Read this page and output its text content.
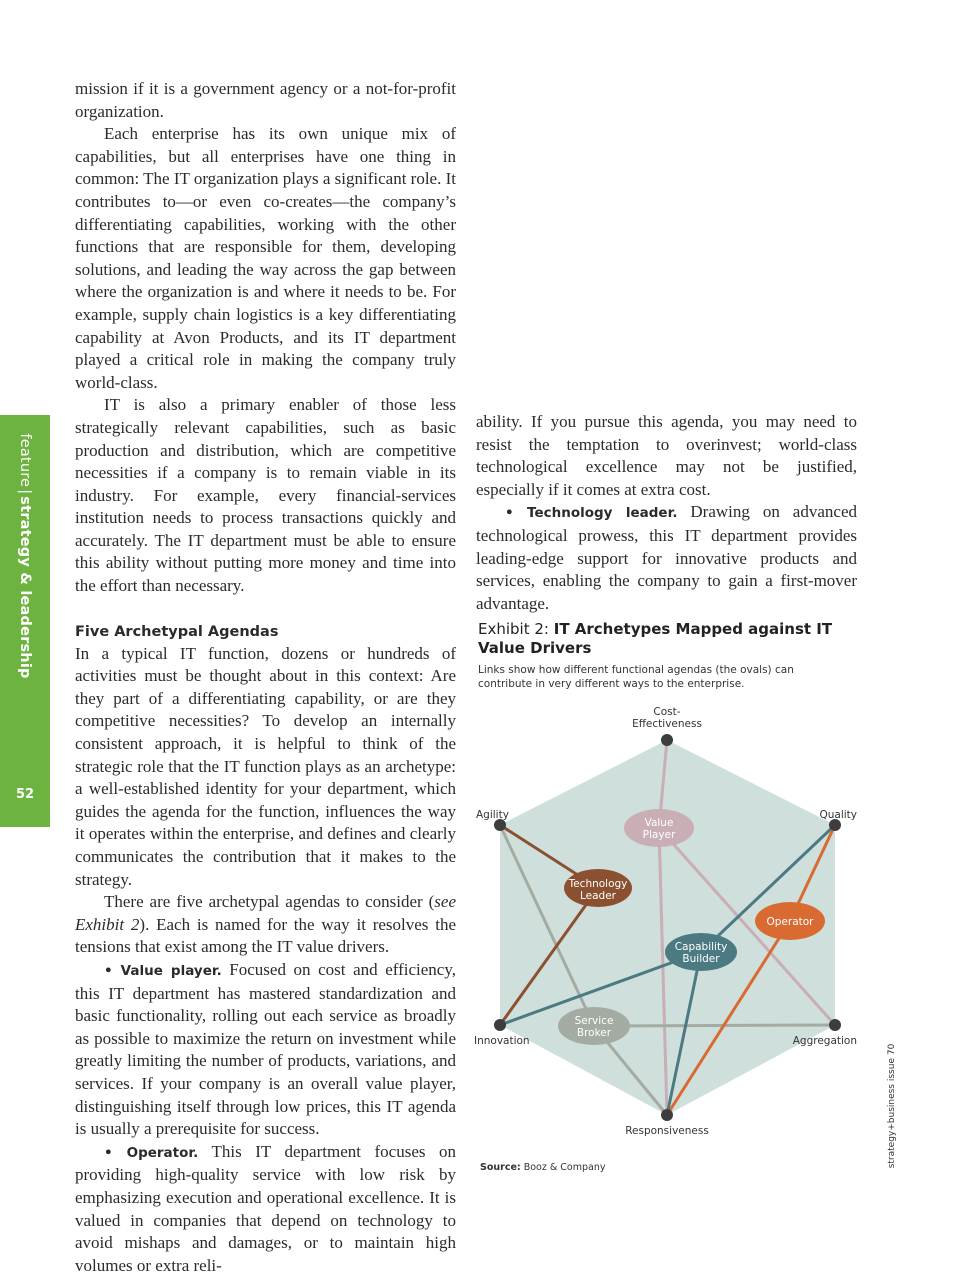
feature|strategy & leadership
52

mission if it is a government agency or a not-for-profit organization.

Each enterprise has its own unique mix of capabilities, but all enterprises have one thing in common: The IT organization plays a significant role. It contributes to—or even co-creates—the company’s differentiating capabilities, working with the other functions that are responsible for them, developing solutions, and leading the way across the gap between where the organization is and where it needs to be. For example, supply chain logistics is a key differentiating capability at Avon Products, and its IT department played a critical role in making the company truly world-class.

IT is also a primary enabler of those less strategically relevant capabilities, such as basic production and distribution, which are competitive necessities if a company is to remain viable in its industry. For example, every financial-services institution needs to process transactions quickly and accurately. The IT department must be able to ensure this ability without putting more money and time into the effort than necessary.

Five Archetypal Agendas

In a typical IT function, dozens or hundreds of activities must be thought about in this context: Are they part of a differentiating capability, or are they competitive necessities? To develop an internally consistent approach, it is helpful to think of the strategic role that the IT function plays as an archetype: a well-established identity for your department, which guides the agenda for the function, influences the way it operates within the enterprise, and defines and clearly communicates the contribution that it makes to the strategy.

There are five archetypal agendas to consider (see Exhibit 2). Each is named for the way it resolves the tensions that exist among the IT value drivers.

• Value player. Focused on cost and efficiency, this IT department has mastered standardization and basic functionality, rolling out each service as broadly as possible to maximize the return on investment while greatly limiting the number of products, variations, and services. If your company is an overall value player, distinguishing itself through low prices, this IT agenda is usually a prerequisite for success.

• Operator. This IT department focuses on providing high-quality service with low risk by emphasizing execution and operational excellence. It is valued in companies that depend on technology to avoid mishaps and damages, or to maintain high volumes or extra reli-

ability. If you pursue this agenda, you may need to resist the temptation to overinvest; world-class technological excellence may not be justified, especially if it comes at extra cost.

• Technology leader. Drawing on advanced technological prowess, this IT department provides leading-edge support for innovative products and services, enabling the company to gain a first-mover advantage.

Exhibit 2: IT Archetypes Mapped against IT Value Drivers
Links show how different functional agendas (the ovals) can contribute in very different ways to the enterprise.
Cost-
Effectiveness
Agility	Quality
Innovation	Aggregation
Responsiveness
Value
Player
Technology
Leader
Operator
Capability
Builder
Service
Broker
Source: Booz & Company	strategy+business issue 70
